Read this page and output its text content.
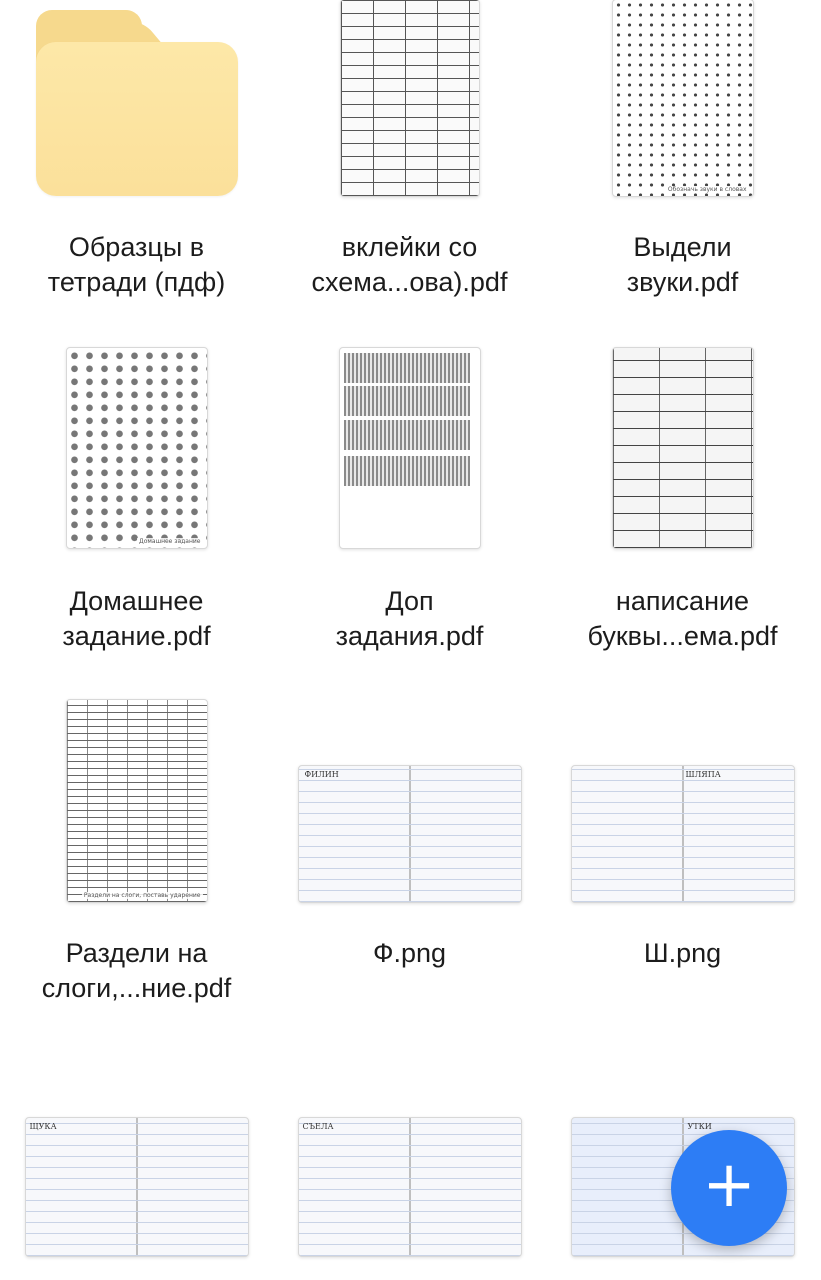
Образцы в
тетради (пдф)
вклейки со
схема...ова).pdf
Обозначь звуки в словах
Выдели
звуки.pdf
Домашнее задание
Домашнее
задание.pdf
Доп
задания.pdf
написание
буквы...ема.pdf
Раздели на слоги, поставь ударение
Раздели на
слоги,...ние.pdf
ФИЛИН
Ф.png
ШЛЯПА
Ш.png
ЩУКА	СЪЕЛА	УТКИ
+
